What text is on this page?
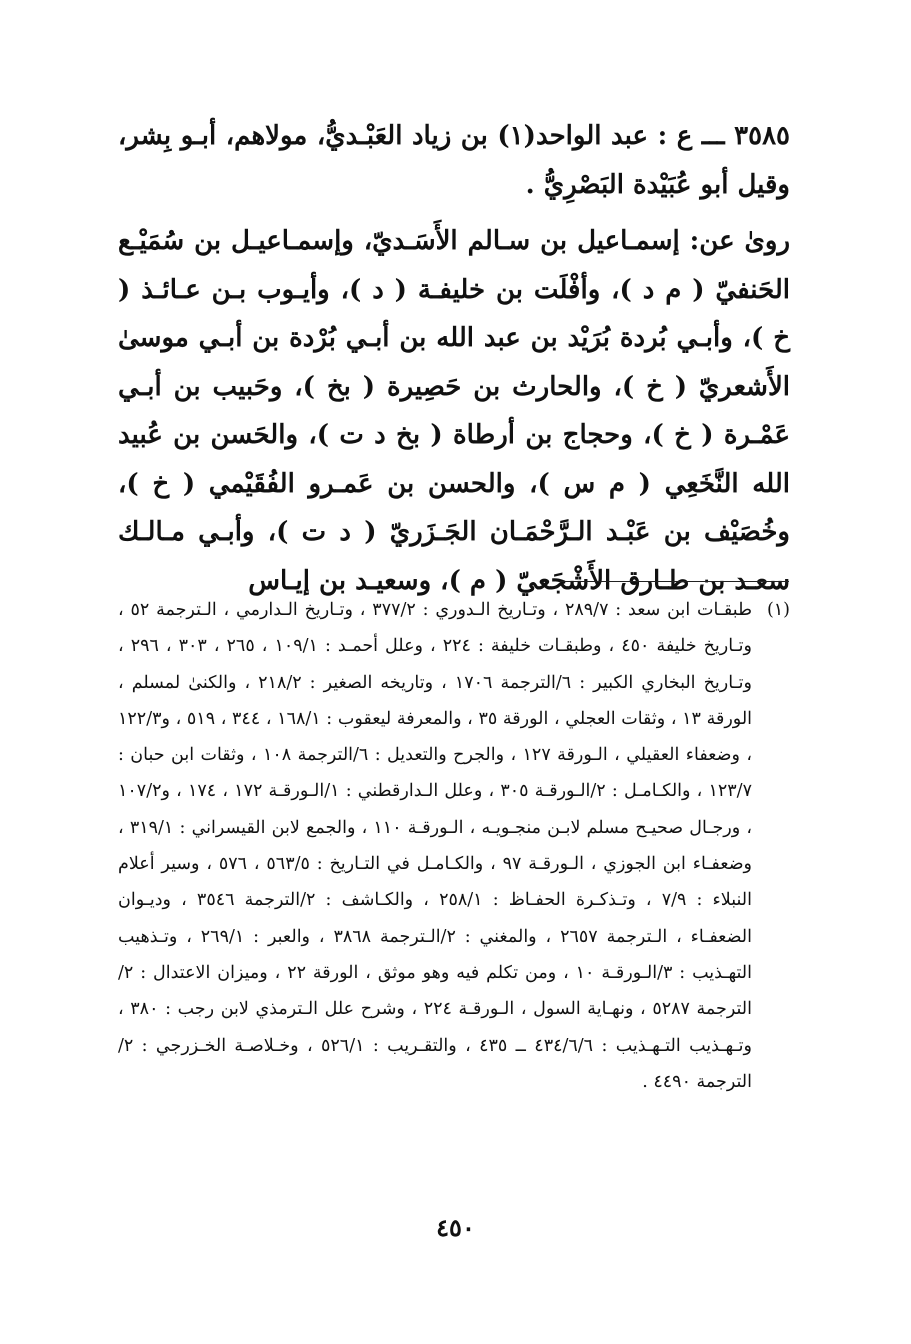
٣٥٨٥ ـــ ع : عبد الواحد(١) بن زياد العَبْـديُّ، مولاهم، أبـو بِشر، وقيل أبو عُبَيْدة البَصْرِيُّ .

روىٰ عن: إسمـاعيل بن سـالم الأَسَـديّ، وإسمـاعيـل بن سُمَيْـع الحَنفيّ ( م د )، وأفْلَت بن خليفـة ( د )، وأيـوب بـن عـائـذ ( خ )، وأبـي بُردة بُرَيْد بن عبد الله بن أبـي بُرْدة بن أبـي موسىٰ الأَشعريّ ( خ )، والحارث بن حَصِيرة ( بخ )، وحَبيب بن أبـي عَمْـرة ( خ )، وحجاج بن أرطاة ( بخ د ت )، والحَسن بن عُبيد الله النَّخَعِي ( م س )، والحسن بن عَمـرو الفُقَيْمي ( خ )، وخُصَيْف بن عَبْـد الـرَّحْمَـان الجَـزَريّ ( د ت )، وأبـي مـالـك سعـد بن طـارق الأَشْجَعيّ ( م )، وسعيـد بن إيـاس

(١)
طبقـات ابن سعد : ٢٨٩/٧ ، وتـاريخ الـدوري : ٣٧٧/٢ ، وتـاريخ الـدارمي ، الـترجمة ٥٢ ، وتـاريخ خليفة ٤٥٠ ، وطبقـات خليفة : ٢٢٤ ، وعلل أحمـد : ١٠٩/١ ، ٢٦٥ ، ٣٠٣ ، ٢٩٦ ، وتـاريخ البخاري الكبير : ٦/الترجمة ١٧٠٦ ، وتاريخه الصغير : ٢١٨/٢ ، والكنىٰ لمسلم ، الورقة ١٣ ، وثقات العجلي ، الورقة ٣٥ ، والمعرفة ليعقوب : ١٦٨/١ ، ٣٤٤ ، ٥١٩ ، و١٢٢/٣ ، وضعفاء العقيلي ، الـورقة ١٢٧ ، والجرح والتعديل : ٦/الترجمة ١٠٨ ، وثقات ابن حبان : ١٢٣/٧ ، والكـامـل : ٢/الـورقـة ٣٠٥ ، وعلل الـدارقطني : ١/الـورقـة ١٧٢ ، ١٧٤ ، و١٠٧/٢ ، ورجـال صحيـح مسلم لابـن منجـويـه ، الـورقـة ١١٠ ، والجمع لابن القيسراني : ٣١٩/١ ، وضعفـاء ابن الجوزي ، الـورقـة ٩٧ ، والكـامـل في التـاريخ : ٥٦٣/٥ ، ٥٧٦ ، وسير أعلام النبلاء : ٧/٩ ، وتـذكـرة الحفـاظ : ٢٥٨/١ ، والكـاشف : ٢/الترجمة ٣٥٤٦ ، وديـوان الضعفـاء ، الـترجمة ٢٦٥٧ ، والمغني : ٢/الـترجمة ٣٨٦٨ ، والعبر : ٢٦٩/١ ، وتـذهيب التهـذيب : ٣/الـورقـة ١٠ ، ومن تكلم فيه وهو موثق ، الورقة ٢٢ ، وميزان الاعتدال : ٢/الترجمة ٥٢٨٧ ، ونهـاية السول ، الـورقـة ٢٢٤ ، وشرح علل الـترمذي لابن رجب : ٣٨٠ ، وتـهـذيب التـهـذيب : ٤٣٤/٦/٦ ــ ٤٣٥ ، والتقـريب : ٥٢٦/١ ، وخـلاصـة الخـزرجي : ٢/الترجمة ٤٤٩٠ .
٤٥٠
